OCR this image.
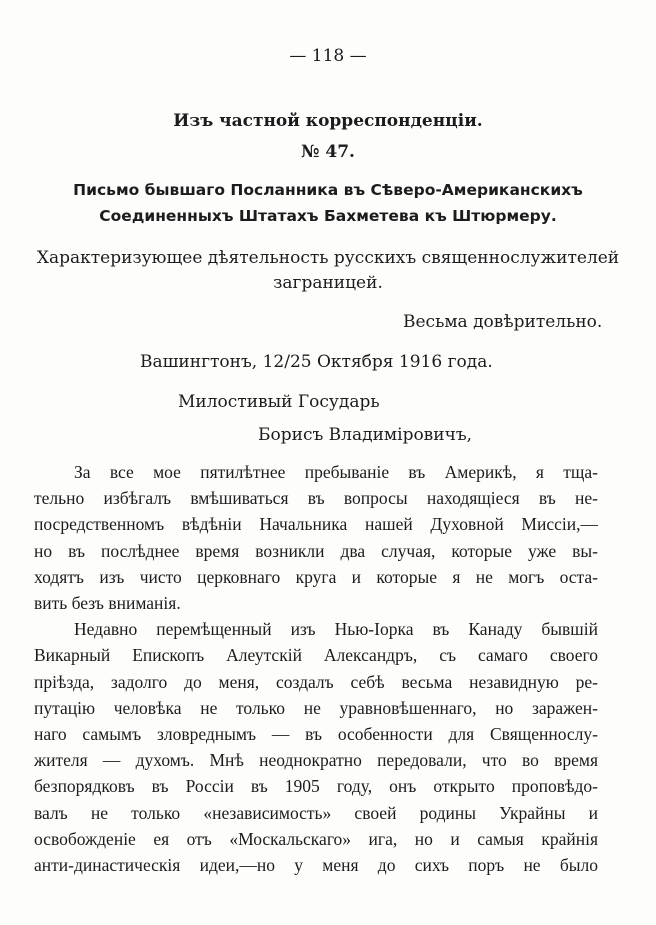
— 118 —
Изъ частной корреспонденціи.
№ 47.
Письмо бывшаго Посланника въ Сѣверо-Американскихъ
Соединенныхъ Штатахъ Бахметева къ Штюрмеру.
Характеризующее дѣятельность русскихъ священнослужителей
заграницей.
Весьма довѣрительно.
Вашингтонъ, 12/25 Октября 1916 года.
Милостивый Государь
Борисъ Владиміровичъ,
За все мое пятилѣтнее пребываніе въ Америкѣ, я тща-
тельно избѣгалъ вмѣшиваться въ вопросы находящіеся въ не-
посредственномъ вѣдѣніи Начальника нашей Духовной Миссіи,—
но въ послѣднее время возникли два случая, которые уже вы-
ходятъ изъ чисто церковнаго круга и которые я не могъ оста-
вить безъ вниманія.
Недавно перемѣщенный изъ Нью-Іорка въ Канаду бывшій
Викарный Епископъ Алеутскій Александръ, съ самаго своего
пріѣзда, задолго до меня, создалъ себѣ весьма незавидную ре-
путацію человѣка не только не уравновѣшеннаго, но заражен-
наго самымъ зловреднымъ — въ особенности для Священнослу-
жителя — духомъ. Мнѣ неоднократно передовали, что во время
безпорядковъ въ Россіи въ 1905 году, онъ открыто проповѣдо-
валъ не только «независимость» своей родины Украйны и
освобожденіе ея отъ «Москальскаго» ига, но и самыя крайнія
анти-династическія идеи,—но у меня до сихъ поръ не было
